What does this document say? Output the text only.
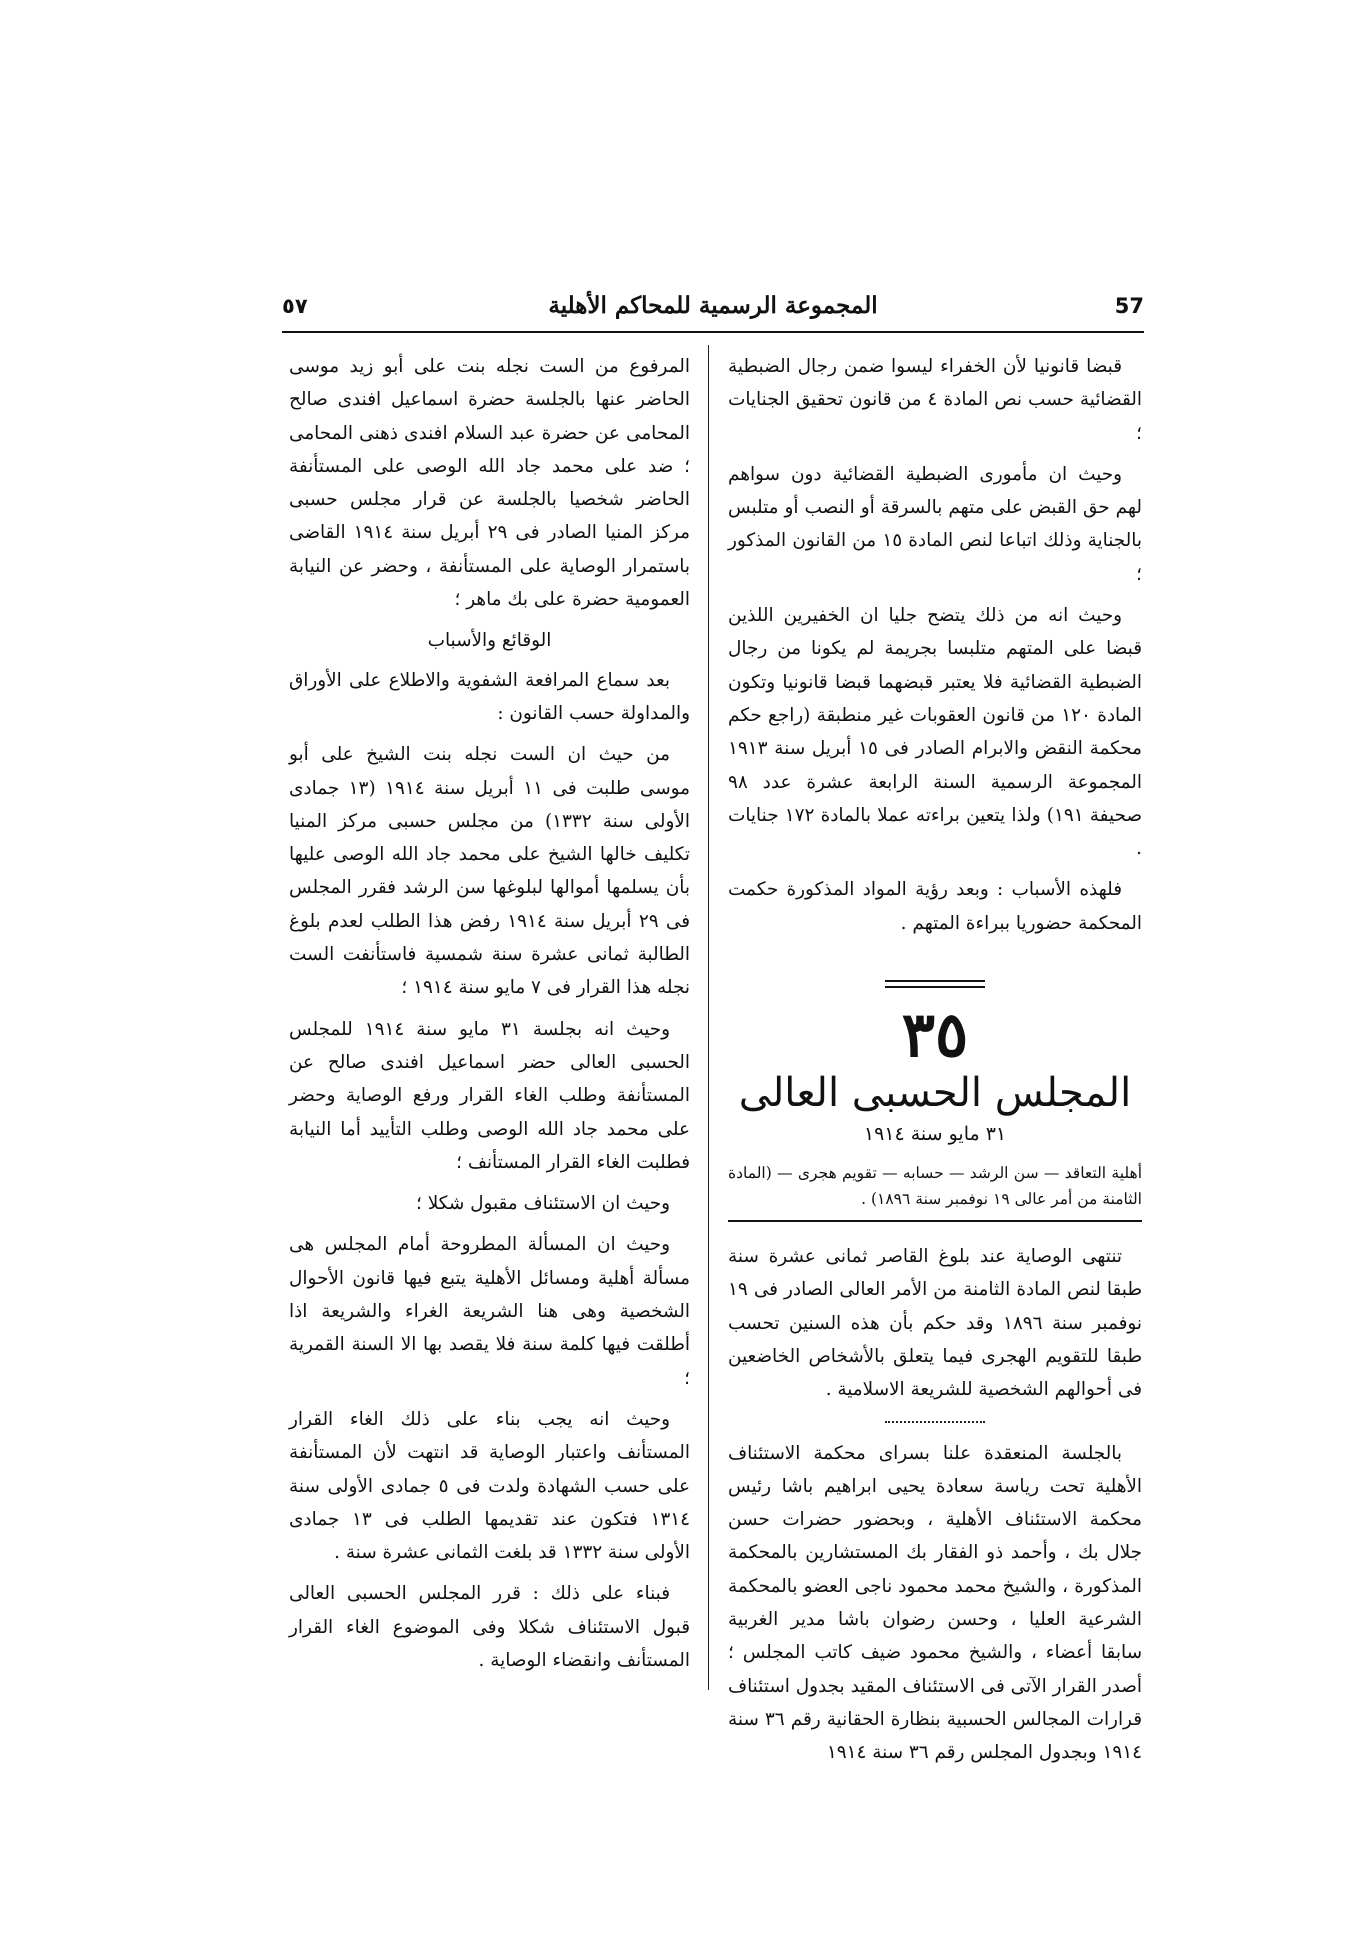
٥٧	المجموعة الرسمية للمحاكم الأهلية	57

قبضا قانونيا لأن الخفراء ليسوا ضمن رجال الضبطية القضائية حسب نص المادة ٤ من قانون تحقيق الجنايات ؛

وحيث ان مأمورى الضبطية القضائية دون سواهم لهم حق القبض على متهم بالسرقة أو النصب أو متلبس بالجناية وذلك اتباعا لنص المادة ١٥ من القانون المذكور ؛

وحيث انه من ذلك يتضح جليا ان الخفيرين اللذين قبضا على المتهم متلبسا بجريمة لم يكونا من رجال الضبطية القضائية فلا يعتبر قبضهما قبضا قانونيا وتكون المادة ١٢٠ من قانون العقوبات غير منطبقة (راجع حكم محكمة النقض والابرام الصادر فى ١٥ أبريل سنة ١٩١٣ المجموعة الرسمية السنة الرابعة عشرة عدد ٩٨ صحيفة ١٩١) ولذا يتعين براءته عملا بالمادة ١٧٢ جنايات .

فلهذه الأسباب : وبعد رؤية المواد المذكورة حكمت المحكمة حضوريا ببراءة المتهم .

٣٥

المجلس الحسبى العالى

٣١ مايو سنة ١٩١٤

أهلية التعاقد — سن الرشد — حسابه — تقويم هجرى — (المادة الثامنة من أمر عالى ١٩ نوفمبر سنة ١٨٩٦) .

تنتهى الوصاية عند بلوغ القاصر ثمانى عشرة سنة طبقا لنص المادة الثامنة من الأمر العالى الصادر فى ١٩ نوفمبر سنة ١٨٩٦ وقد حكم بأن هذه السنين تحسب طبقا للتقويم الهجرى فيما يتعلق بالأشخاص الخاضعين فى أحوالهم الشخصية للشريعة الاسلامية .

بالجلسة المنعقدة علنا بسراى محكمة الاستئناف الأهلية تحت رياسة سعادة يحيى ابراهيم باشا رئيس محكمة الاستئناف الأهلية ، وبحضور حضرات حسن جلال بك ، وأحمد ذو الفقار بك المستشارين بالمحكمة المذكورة ، والشيخ محمد محمود ناجى العضو بالمحكمة الشرعية العليا ، وحسن رضوان باشا مدير الغربية سابقا أعضاء ، والشيخ محمود ضيف كاتب المجلس ؛ أصدر القرار الآتى فى الاستئناف المقيد بجدول استئناف قرارات المجالس الحسبية بنظارة الحقانية رقم ٣٦ سنة ١٩١٤ وبجدول المجلس رقم ٣٦ سنة ١٩١٤

المرفوع من الست نجله بنت على أبو زيد موسى الحاضر عنها بالجلسة حضرة اسماعيل افندى صالح المحامى عن حضرة عبد السلام افندى ذهنى المحامى ؛ ضد على محمد جاد الله الوصى على المستأنفة الحاضر شخصيا بالجلسة عن قرار مجلس حسبى مركز المنيا الصادر فى ٢٩ أبريل سنة ١٩١٤ القاضى باستمرار الوصاية على المستأنفة ، وحضر عن النيابة العمومية حضرة على بك ماهر ؛

الوقائع والأسباب

بعد سماع المرافعة الشفوية والاطلاع على الأوراق والمداولة حسب القانون :

من حيث ان الست نجله بنت الشيخ على أبو موسى طلبت فى ١١ أبريل سنة ١٩١٤ (١٣ جمادى الأولى سنة ١٣٣٢) من مجلس حسبى مركز المنيا تكليف خالها الشيخ على محمد جاد الله الوصى عليها بأن يسلمها أموالها لبلوغها سن الرشد فقرر المجلس فى ٢٩ أبريل سنة ١٩١٤ رفض هذا الطلب لعدم بلوغ الطالبة ثمانى عشرة سنة شمسية فاستأنفت الست نجله هذا القرار فى ٧ مايو سنة ١٩١٤ ؛

وحيث انه بجلسة ٣١ مايو سنة ١٩١٤ للمجلس الحسبى العالى حضر اسماعيل افندى صالح عن المستأنفة وطلب الغاء القرار ورفع الوصاية وحضر على محمد جاد الله الوصى وطلب التأييد أما النيابة فطلبت الغاء القرار المستأنف ؛

وحيث ان الاستئناف مقبول شكلا ؛

وحيث ان المسألة المطروحة أمام المجلس هى مسألة أهلية ومسائل الأهلية يتبع فيها قانون الأحوال الشخصية وهى هنا الشريعة الغراء والشريعة اذا أطلقت فيها كلمة سنة فلا يقصد بها الا السنة القمرية ؛

وحيث انه يجب بناء على ذلك الغاء القرار المستأنف واعتبار الوصاية قد انتهت لأن المستأنفة على حسب الشهادة ولدت فى ٥ جمادى الأولى سنة ١٣١٤ فتكون عند تقديمها الطلب فى ١٣ جمادى الأولى سنة ١٣٣٢ قد بلغت الثمانى عشرة سنة .

فبناء على ذلك : قرر المجلس الحسبى العالى قبول الاستئناف شكلا وفى الموضوع الغاء القرار المستأنف وانقضاء الوصاية .
